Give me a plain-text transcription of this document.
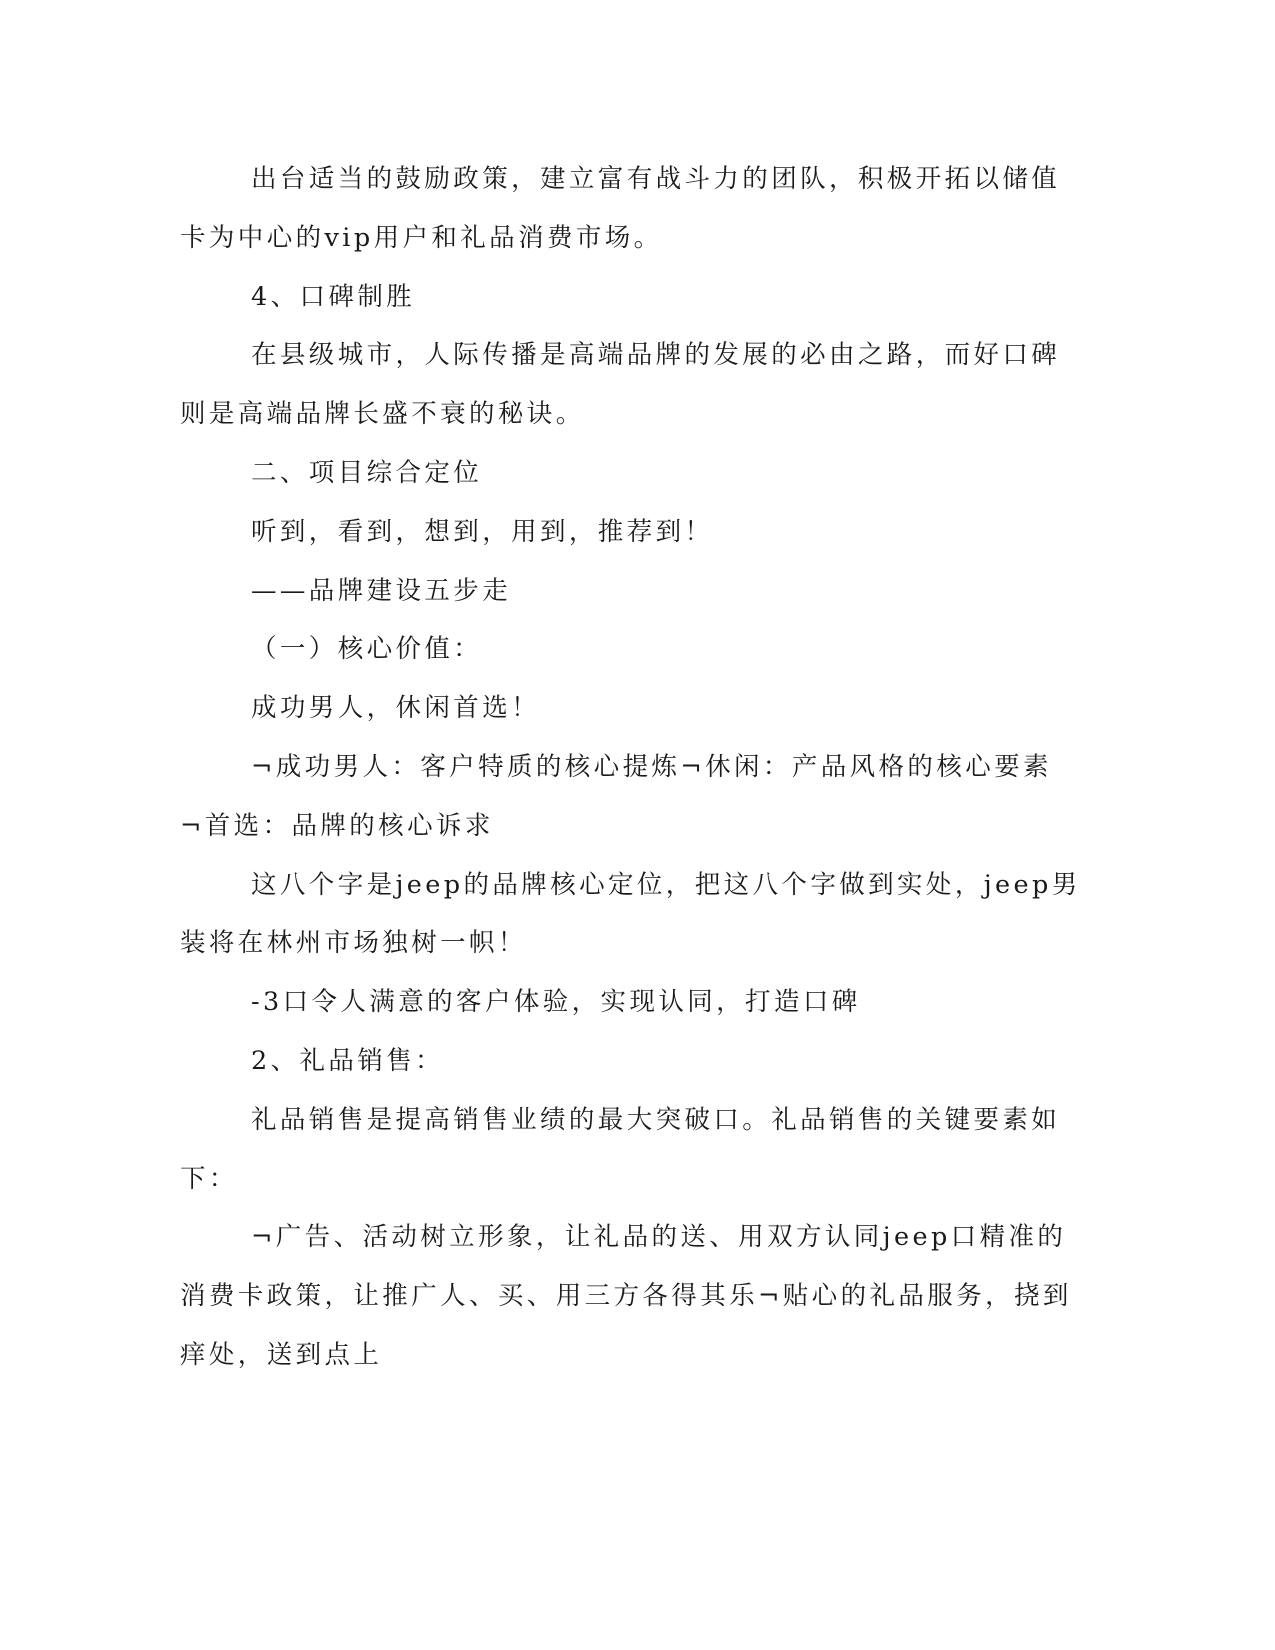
出台适当的鼓励政策，建立富有战斗力的团队，积极开拓以储值
卡为中心的vip用户和礼品消费市场。
4、口碑制胜
在县级城市，人际传播是高端品牌的发展的必由之路，而好口碑
则是高端品牌长盛不衰的秘诀。
二、项目综合定位
听到，看到，想到，用到，推荐到！
——品牌建设五步走
（一）核心价值：
成功男人，休闲首选！
¬成功男人：客户特质的核心提炼¬休闲：产品风格的核心要素
¬首选：品牌的核心诉求
这八个字是jeep的品牌核心定位，把这八个字做到实处，jeep男
装将在林州市场独树一帜！
-3口令人满意的客户体验，实现认同，打造口碑
2、礼品销售：
礼品销售是提高销售业绩的最大突破口。礼品销售的关键要素如
下：
¬广告、活动树立形象，让礼品的送、用双方认同jeep口精准的
消费卡政策，让推广人、买、用三方各得其乐¬贴心的礼品服务，挠到
痒处，送到点上
